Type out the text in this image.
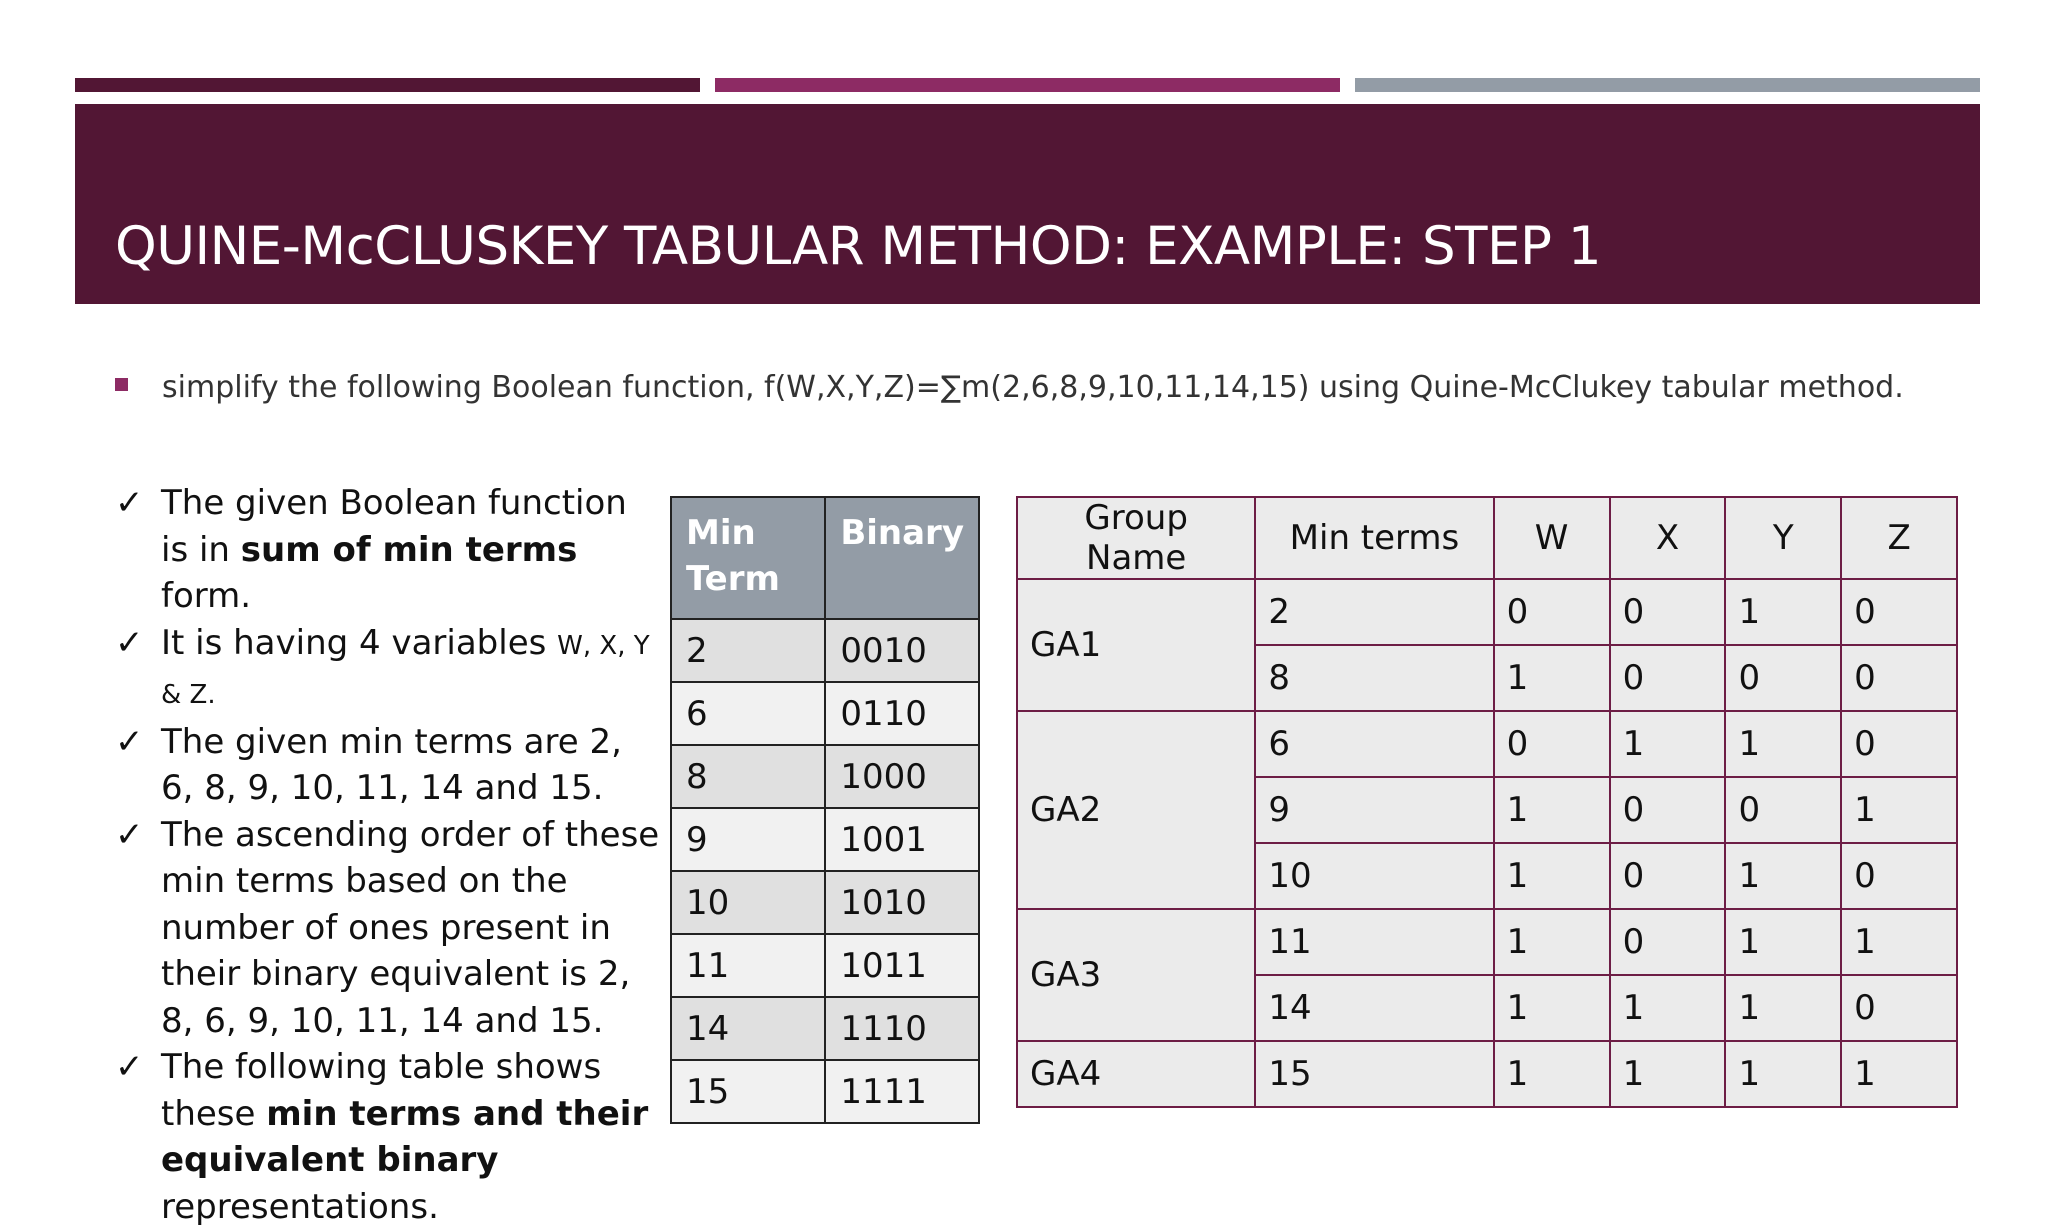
QUINE-McCLUSKEY TABULAR METHOD: EXAMPLE: STEP 1
simplify the following Boolean function, f(W,X,Y,Z)=∑m(2,6,8,9,10,11,14,15) using Quine-McClukey tabular method.
✓ The given Boolean function is in sum of min terms form.
✓ It is having 4 variables W, X, Y & Z.
✓ The given min terms are 2, 6, 8, 9, 10, 11, 14 and 15.
✓ The ascending order of these min terms based on the number of ones present in their binary equivalent is 2, 8, 6, 9, 10, 11, 14 and 15.
✓ The following table shows these min terms and their equivalent binary representations.
Min Term	Binary
2	0010
6	0110
8	1000
9	1001
10	1010
11	1011
14	1110
15	1111
Group Name	Min terms	W	X	Y	Z
GA1	2	0	0	1	0
	8	1	0	0	0
GA2	6	0	1	1	0
	9	1	0	0	1
	10	1	0	1	0
GA3	11	1	0	1	1
	14	1	1	1	0
GA4	15	1	1	1	1
